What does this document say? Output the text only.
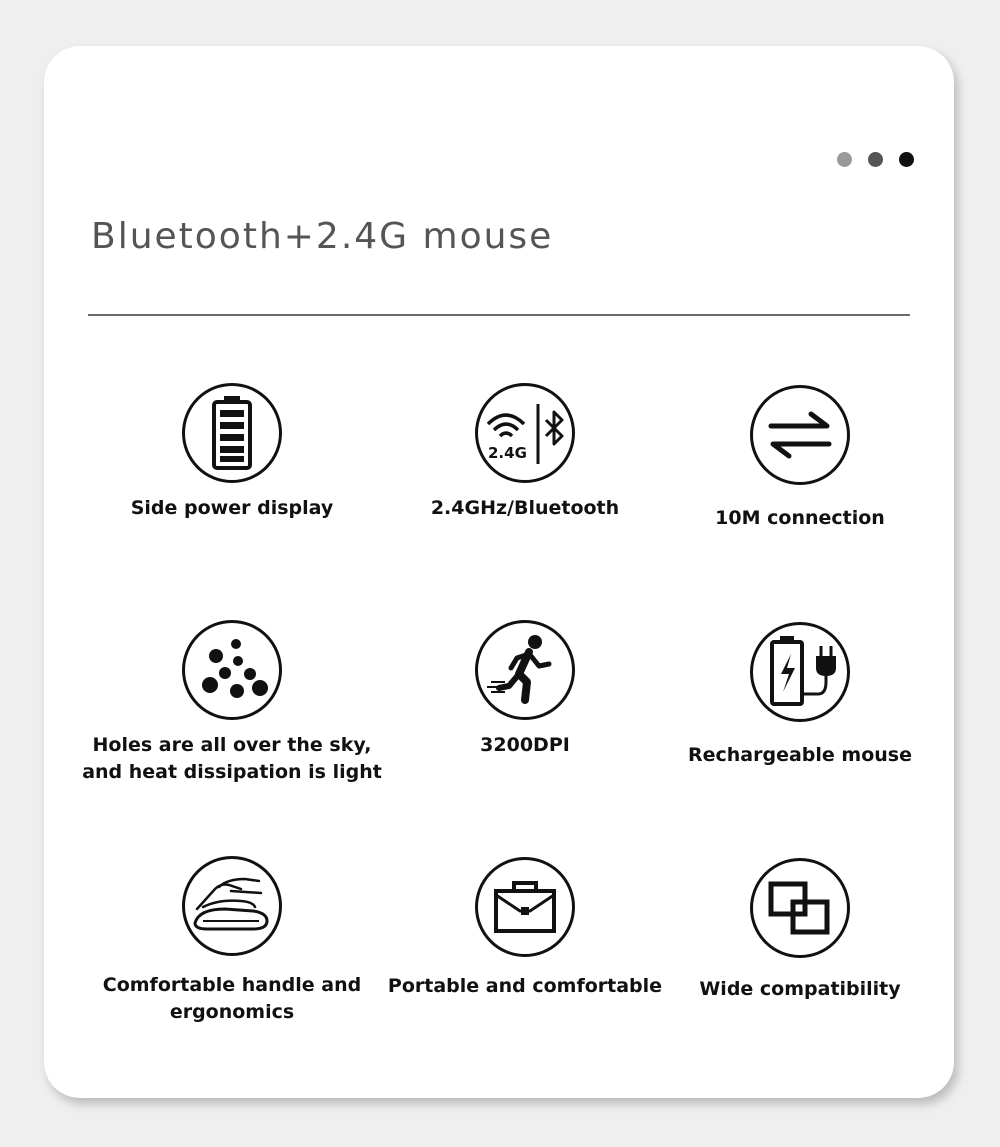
Bluetooth+2.4G mouse
Side power display
2.4G
2.4GHz/Bluetooth	10M connection
Holes are all over the sky,
and heat dissipation is light
3200DPI	Rechargeable mouse
Comfortable handle and
ergonomics
Portable and comfortable	Wide compatibility
